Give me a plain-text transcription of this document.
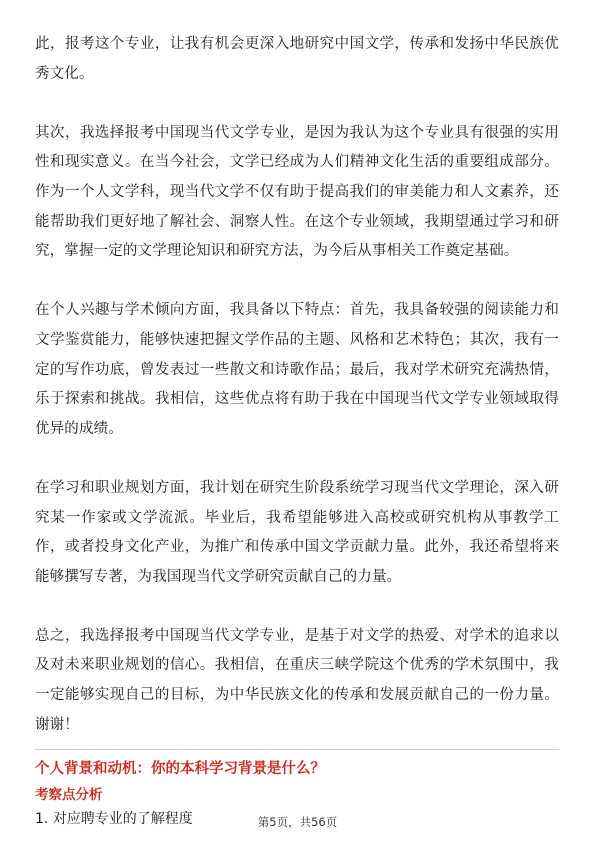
此，报考这个专业，让我有机会更深入地研究中国文学，传承和发扬中华民族优秀文化。

其次，我选择报考中国现当代文学专业，是因为我认为这个专业具有很强的实用性和现实意义。在当今社会，文学已经成为人们精神文化生活的重要组成部分。作为一个人文学科，现当代文学不仅有助于提高我们的审美能力和人文素养，还能帮助我们更好地了解社会、洞察人性。在这个专业领域，我期望通过学习和研究，掌握一定的文学理论知识和研究方法，为今后从事相关工作奠定基础。

在个人兴趣与学术倾向方面，我具备以下特点：首先，我具备较强的阅读能力和文学鉴赏能力，能够快速把握文学作品的主题、风格和艺术特色；其次，我有一定的写作功底，曾发表过一些散文和诗歌作品；最后，我对学术研究充满热情，乐于探索和挑战。我相信，这些优点将有助于我在中国现当代文学专业领域取得优异的成绩。

在学习和职业规划方面，我计划在研究生阶段系统学习现当代文学理论，深入研究某一作家或文学流派。毕业后，我希望能够进入高校或研究机构从事教学工作，或者投身文化产业，为推广和传承中国文学贡献力量。此外，我还希望将来能够撰写专著，为我国现当代文学研究贡献自己的力量。

总之，我选择报考中国现当代文学专业，是基于对文学的热爱、对学术的追求以及对未来职业规划的信心。我相信，在重庆三峡学院这个优秀的学术氛围中，我一定能够实现自己的目标，为中华民族文化的传承和发展贡献自己的一份力量。谢谢！

个人背景和动机：你的本科学习背景是什么？
考察点分析
1. 对应聘专业的了解程度	第5页，共56页
